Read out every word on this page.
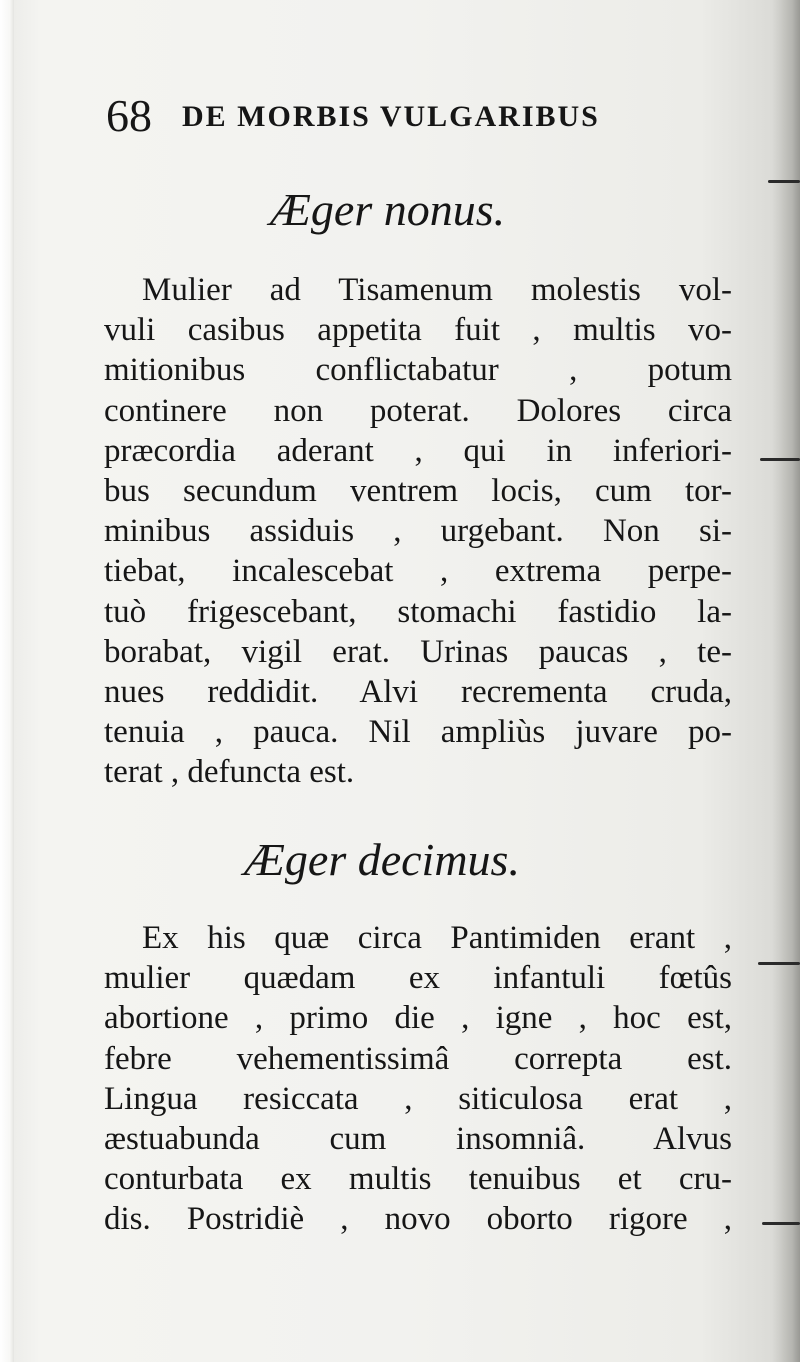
68 DE MORBIS VULGARIBUS
Æger nonus.
Mulier ad Tisamenum molestis vol-
vuli casibus appetita fuit , multis vo-
mitionibus conflictabatur , potum
continere non poterat. Dolores circa
præcordia aderant , qui in inferiori-
bus secundum ventrem locis, cum tor-
minibus assiduis , urgebant. Non si-
tiebat, incalescebat , extrema perpe-
tuò frigescebant, stomachi fastidio la-
borabat, vigil erat. Urinas paucas , te-
nues reddidit. Alvi recrementa cruda,
tenuia , pauca. Nil ampliùs juvare po-
terat , defuncta est.
Æger decimus.
Ex his quæ circa Pantimiden erant ,
mulier quædam ex infantuli fœtûs
abortione , primo die , igne , hoc est,
febre vehementissimâ correpta est.
Lingua resiccata , siticulosa erat ,
æstuabunda cum insomniâ. Alvus
conturbata ex multis tenuibus et cru-
dis. Postridiè , novo oborto rigore ,
